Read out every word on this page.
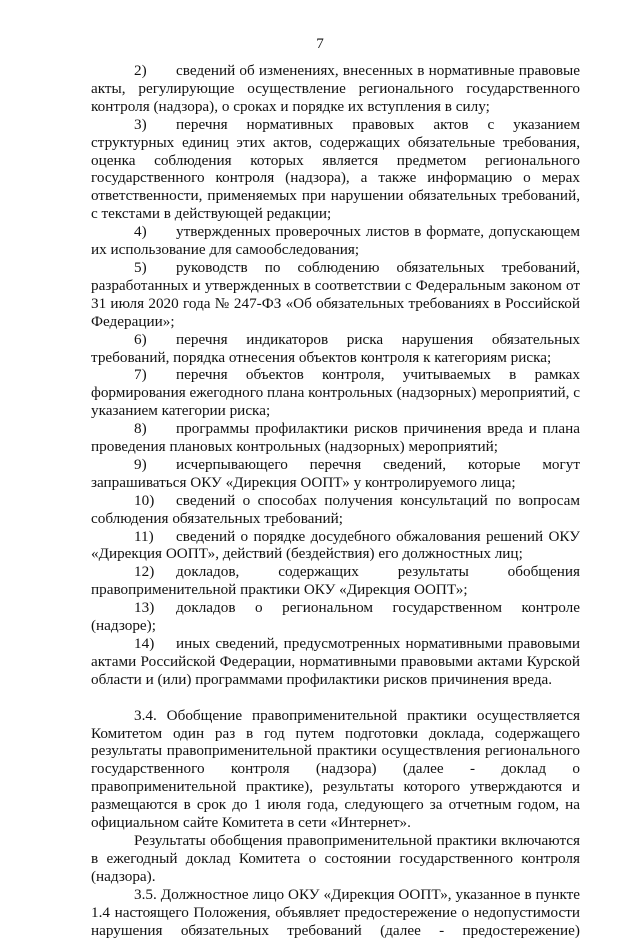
7

2) сведений об изменениях, внесенных в нормативные правовые акты, регулирующие осуществление регионального государственного контроля (надзора), о сроках и порядке их вступления в силу;

3) перечня нормативных правовых актов с указанием структурных единиц этих актов, содержащих обязательные требования, оценка соблюдения которых является предметом регионального государственного контроля (надзора), а также информацию о мерах ответственности, применяемых при нарушении обязательных требований, с текстами в действующей редакции;

4) утвержденных проверочных листов в формате, допускающем их использование для самообследования;

5) руководств по соблюдению обязательных требований, разработанных и утвержденных в соответствии с Федеральным законом от 31 июля 2020 года № 247-ФЗ «Об обязательных требованиях в Российской Федерации»;

6) перечня индикаторов риска нарушения обязательных требований, порядка отнесения объектов контроля к категориям риска;

7) перечня объектов контроля, учитываемых в рамках формирования ежегодного плана контрольных (надзорных) мероприятий, с указанием категории риска;

8) программы профилактики рисков причинения вреда и плана проведения плановых контрольных (надзорных) мероприятий;

9) исчерпывающего перечня сведений, которые могут запрашиваться ОКУ «Дирекция ООПТ» у контролируемого лица;

10) сведений о способах получения консультаций по вопросам соблюдения обязательных требований;

11) сведений о порядке досудебного обжалования решений ОКУ «Дирекция ООПТ», действий (бездействия) его должностных лиц;

12) докладов, содержащих результаты обобщения правоприменительной практики ОКУ «Дирекция ООПТ»;

13) докладов о региональном государственном контроле (надзоре);

14) иных сведений, предусмотренных нормативными правовыми актами Российской Федерации, нормативными правовыми актами Курской области и (или) программами профилактики рисков причинения вреда.

3.4. Обобщение правоприменительной практики осуществляется Комитетом один раз в год путем подготовки доклада, содержащего результаты правоприменительной практики осуществления регионального государственного контроля (надзора) (далее - доклад о правоприменительной практике), результаты которого утверждаются и размещаются в срок до 1 июля года, следующего за отчетным годом, на официальном сайте Комитета в сети «Интернет».

Результаты обобщения правоприменительной практики включаются в ежегодный доклад Комитета о состоянии государственного контроля (надзора).

3.5. Должностное лицо ОКУ «Дирекция ООПТ», указанное в пункте 1.4 настоящего Положения, объявляет предостережение о недопустимости нарушения обязательных требований (далее - предостережение)
